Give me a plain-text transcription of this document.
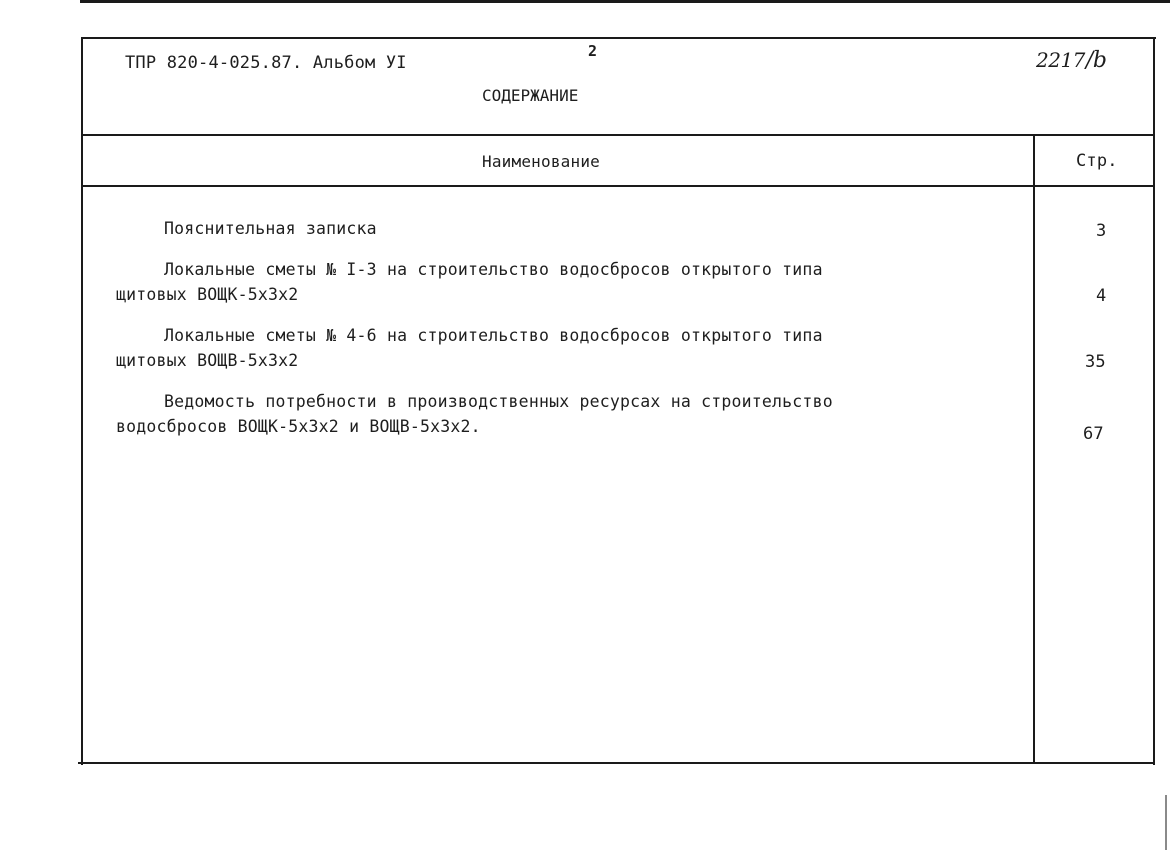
ТПР 820-4-025.87. Альбом УI
2	2217/b
СОДЕРЖАНИЕ
Наименование	Стр.
Пояснительная записка	3
Локальные сметы № I-3 на строительство водосбросов открытого типа
щитовых ВОЩК-5х3х2	4
Локальные сметы № 4-6 на строительство водосбросов открытого типа
щитовых ВОЩВ-5х3х2	35
Ведомость потребности в производственных ресурсах на строительство
водосбросов ВОЩК-5х3х2 и ВОЩВ-5х3х2.	67
